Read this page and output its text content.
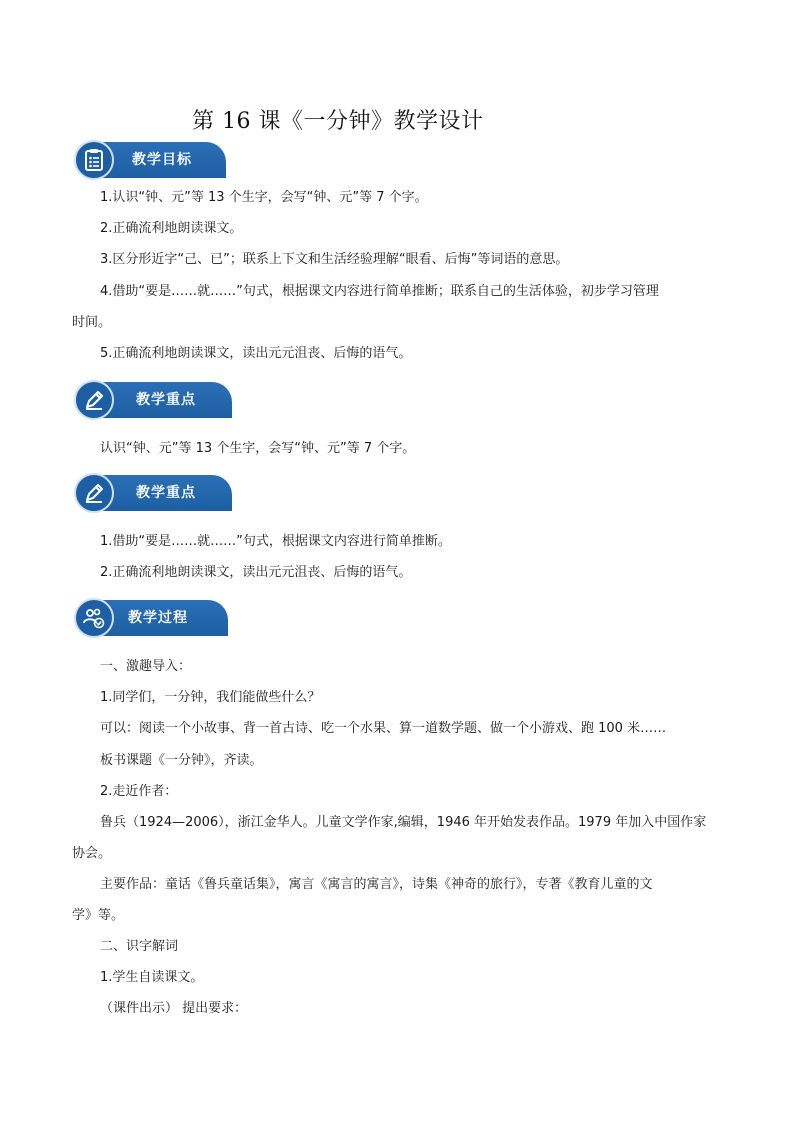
第 16 课《一分钟》教学设计
教学目标
1.认识“钟、元”等 13 个生字，会写“钟、元”等 7 个字。
2.正确流利地朗读课文。
3.区分形近字“己、已”；联系上下文和生活经验理解“眼看、后悔”等词语的意思。
4.借助“要是……就……”句式，根据课文内容进行简单推断；联系自己的生活体验，初步学习管理
时间。
5.正确流利地朗读课文，读出元元沮丧、后悔的语气。
教学重点
认识“钟、元”等 13 个生字，会写“钟、元”等 7 个字。
教学重点
1.借助“要是……就……”句式，根据课文内容进行简单推断。
2.正确流利地朗读课文，读出元元沮丧、后悔的语气。
教学过程
一、激趣导入：
1.同学们，一分钟，我们能做些什么？
可以：阅读一个小故事、背一首古诗、吃一个水果、算一道数学题、做一个小游戏、跑 100 米……
板书课题《一分钟》，齐读。
2.走近作者：
鲁兵（1924—2006），浙江金华人。儿童文学作家,编辑，1946 年开始发表作品。1979 年加入中国作家
协会。
主要作品：童话《鲁兵童话集》，寓言《寓言的寓言》，诗集《神奇的旅行》，专著《教育儿童的文
学》等。
二、识字解词
1.学生自读课文。
（课件出示） 提出要求：
